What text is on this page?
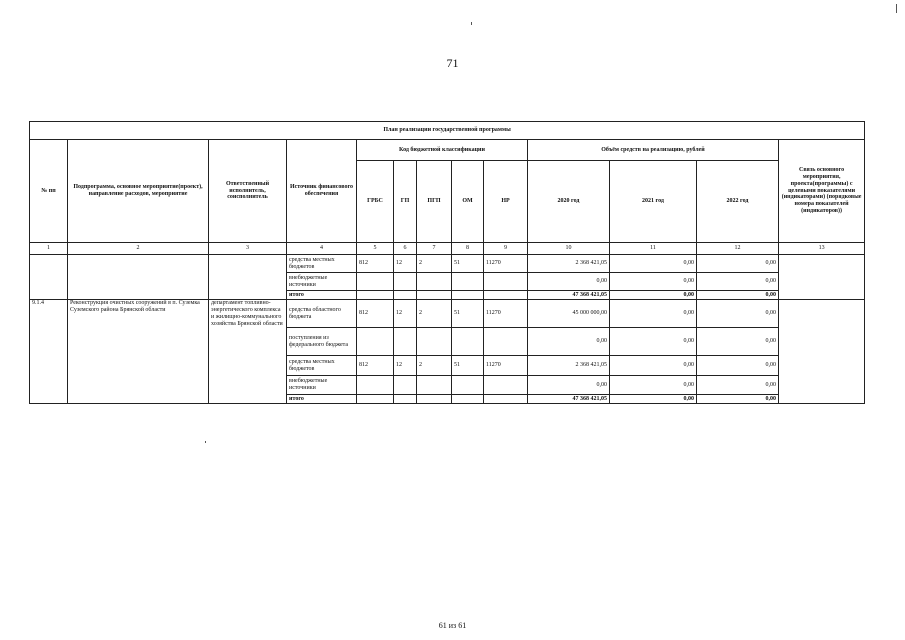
71
План реализации государственной программы												
№ пп	Подпрограмма, основное мероприятие(проект), направление расходов, мероприятие	Ответственный исполнитель, соисполнитель	Источник финансового обеспечения	Код бюджетной классификации					Объём средств на реализацию, рублей			Связь основного мероприятия, проекта(программы) с целевыми показателями (индикаторами) (порядковые номера показателей (индикаторов))
				ГРБС	ГП	ПГП	ОМ	НР	2020 год	2021 год	2022 год	
1	2	3	4	5	6	7	8	9	10	11	12	13
			средства местных бюджетов	812	12	2	51	11270	2 368 421,05	0,00	0,00	
			внебюджетные источники						0,00	0,00	0,00	
			итого						47 368 421,05	0,00	0,00	
9.1.4	Реконструкция очистных сооружений в п. Суземка Суземского района Брянской области	департамент топливно-энергетического комплекса и жилищно-коммунального хозяйства Брянской области	средства областного бюджета	812	12	2	51	11270	45 000 000,00	0,00	0,00	
			поступления из федерального бюджета						0,00	0,00	0,00	
			средства местных бюджетов	812	12	2	51	11270	2 368 421,05	0,00	0,00	
			внебюджетные источники						0,00	0,00	0,00	
			итого						47 368 421,05	0,00	0,00	
61 из 61
